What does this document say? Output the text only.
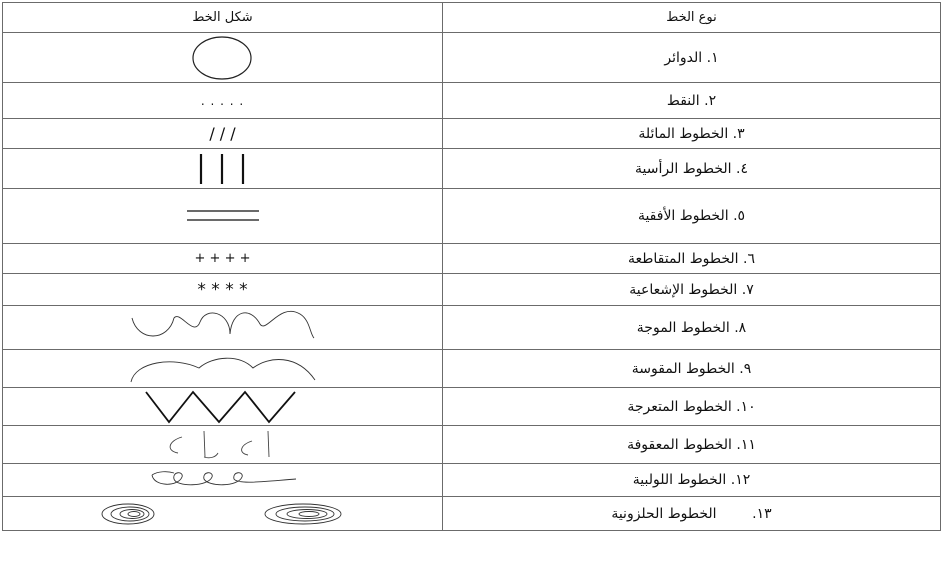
شكل الخط	نوع الخط

	۱. الدوائر
. . . . .	۲. النقط
/ / /	۳. الخطوط المائلة

	٤. الخطوط الرأسية

	٥. الخطوط الأفقية
+ + + +	٦. الخطوط المتقاطعة
* * * *	۷. الخطوط الإشعاعية

	۸. الخطوط الموجة

	۹. الخطوط المقوسة

	۱۰. الخطوط المتعرجة

	۱۱. الخطوط المعقوفة

	۱۲. الخطوط اللولبية

	۱۳.        الخطوط الحلزونية
